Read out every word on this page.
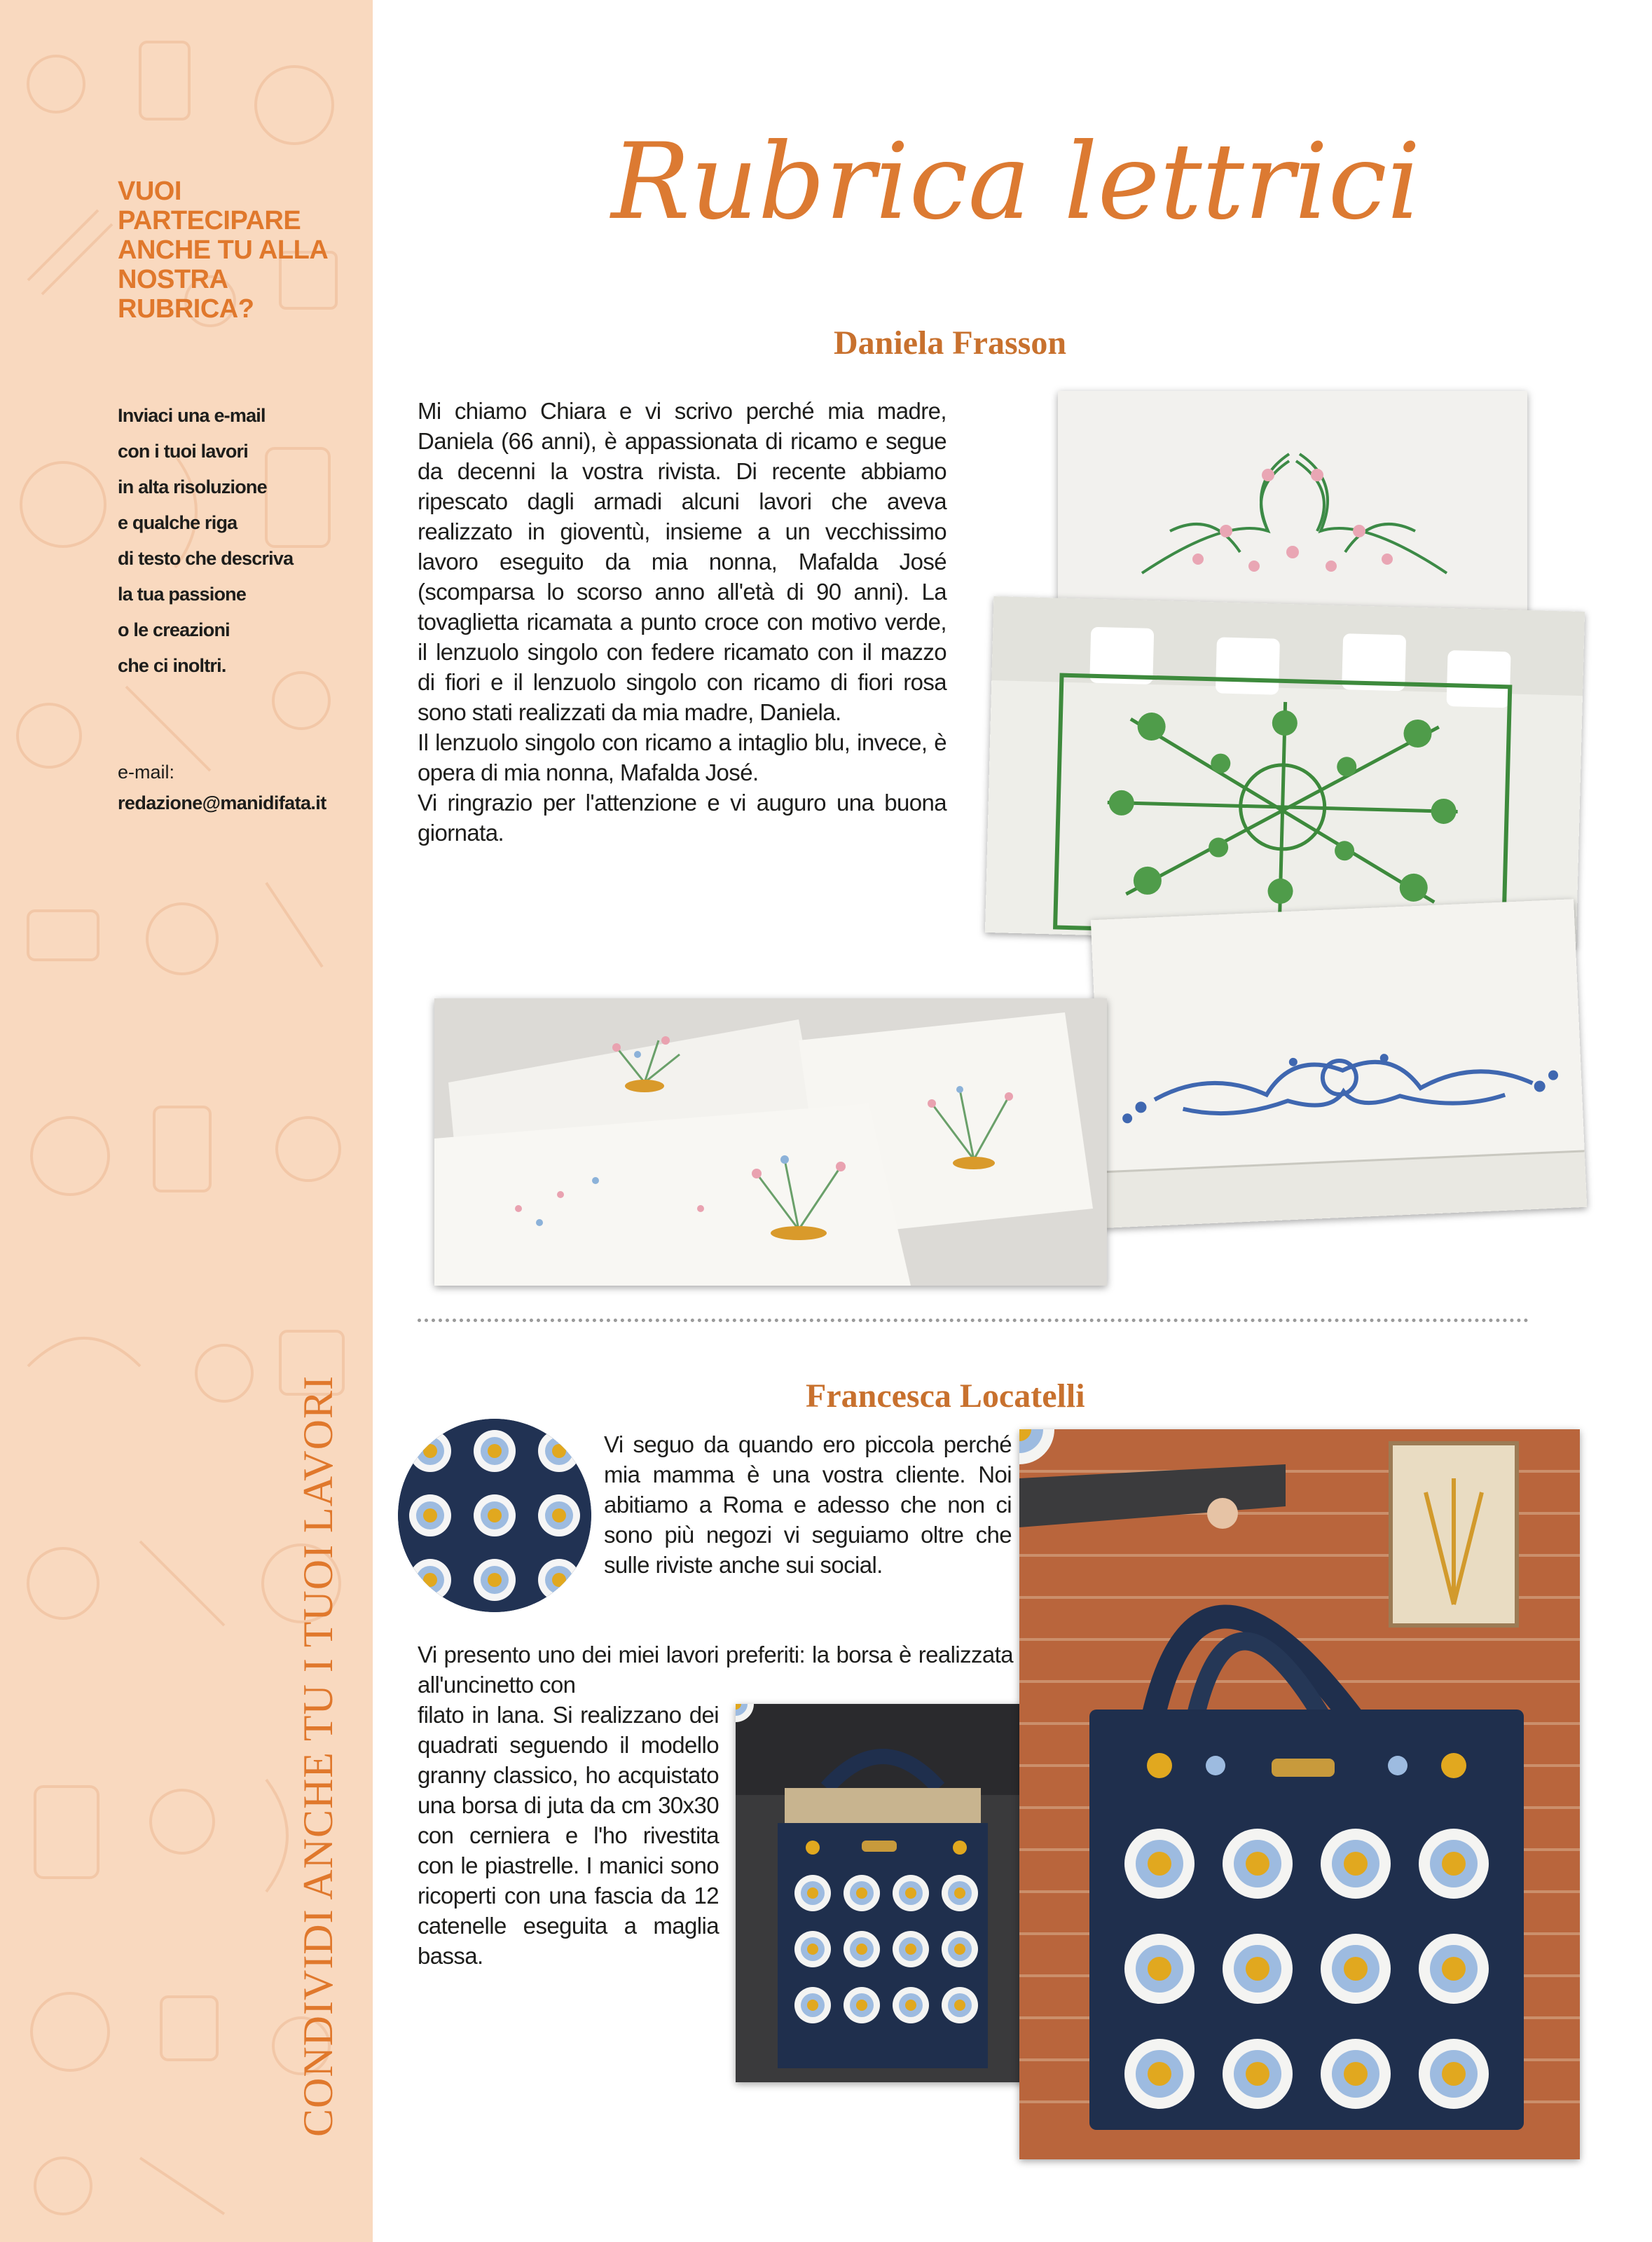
VUOI PARTECIPARE ANCHE TU ALLA NOSTRA RUBRICA?

Inviaci una e-mail
con i tuoi lavori
in alta risoluzione
e qualche riga
di testo che descriva
la tua passione
o le creazioni
che ci inoltri.
e-mail:
redazione@manidifata.it
CONDIVIDI ANCHE TU I TUOI LAVORI
Rubrica lettrici
Daniela Frasson

Mi chiamo Chiara e vi scrivo perché mia madre, Daniela (66 anni), è appassionata di ricamo e segue da decenni la vostra rivista. Di recente abbiamo ripescato dagli armadi alcuni lavori che aveva realizzato in gioventù, insieme a un vecchissimo lavoro eseguito da mia nonna, Mafalda José (scomparsa lo scorso anno all'età di 90 anni). La tovaglietta ricamata a punto croce con motivo verde, il lenzuolo singolo con federe ricamato con il mazzo di fiori e il lenzuolo singolo con ricamo di fiori rosa sono stati realizzati da mia madre, Daniela.

Il lenzuolo singolo con ricamo a intaglio blu, invece, è opera di mia nonna, Mafalda José.

Vi ringrazio per l'attenzione e vi auguro una buona giornata.

Francesca Locatelli

Vi seguo da quando ero piccola perché mia mamma è una vostra cliente. Noi abitiamo a Roma e adesso che non ci sono più negozi vi seguiamo oltre che sulle riviste anche sui social.

Vi presento uno dei miei lavori preferiti: la borsa è realizzata all'uncinetto con

filato in lana. Si realizzano dei quadrati seguendo il modello granny classico, ho acquistato una borsa di juta da cm 30x30 con cerniera e l'ho rivestita con le piastrelle. I manici sono ricoperti con una fascia da 12 catenelle eseguita a maglia bassa.
